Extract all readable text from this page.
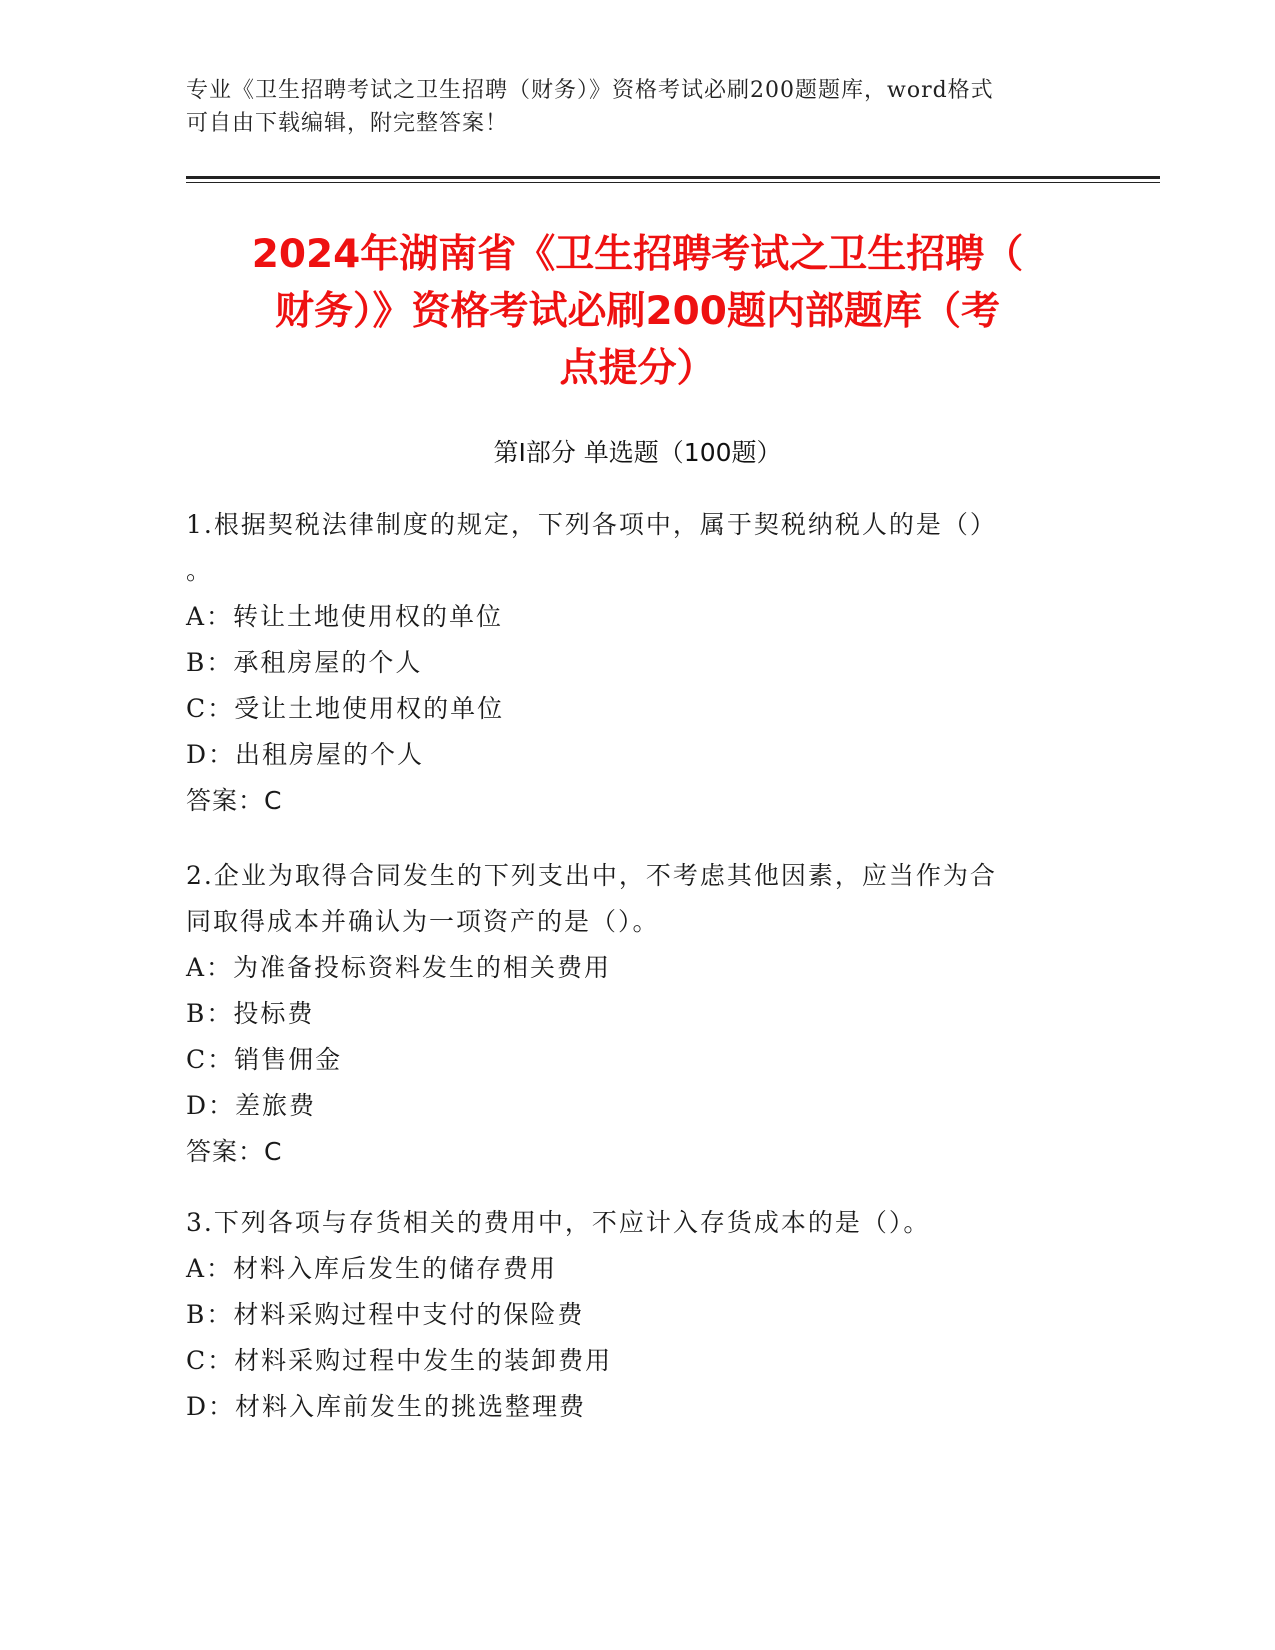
专业《卫生招聘考试之卫生招聘（财务）》资格考试必刷200题题库，word格式
可自由下载编辑，附完整答案！
2024年湖南省《卫生招聘考试之卫生招聘（
财务）》资格考试必刷200题内部题库（考
点提分）
第Ⅰ部分 单选题（100题）
1.根据契税法律制度的规定，下列各项中，属于契税纳税人的是（）
。
A：转让土地使用权的单位
B：承租房屋的个人
C：受让土地使用权的单位
D：出租房屋的个人
答案：C
2.企业为取得合同发生的下列支出中，不考虑其他因素，应当作为合
同取得成本并确认为一项资产的是（）。
A：为准备投标资料发生的相关费用
B：投标费
C：销售佣金
D：差旅费
答案：C
3.下列各项与存货相关的费用中，不应计入存货成本的是（）。
A：材料入库后发生的储存费用
B：材料采购过程中支付的保险费
C：材料采购过程中发生的装卸费用
D：材料入库前发生的挑选整理费
